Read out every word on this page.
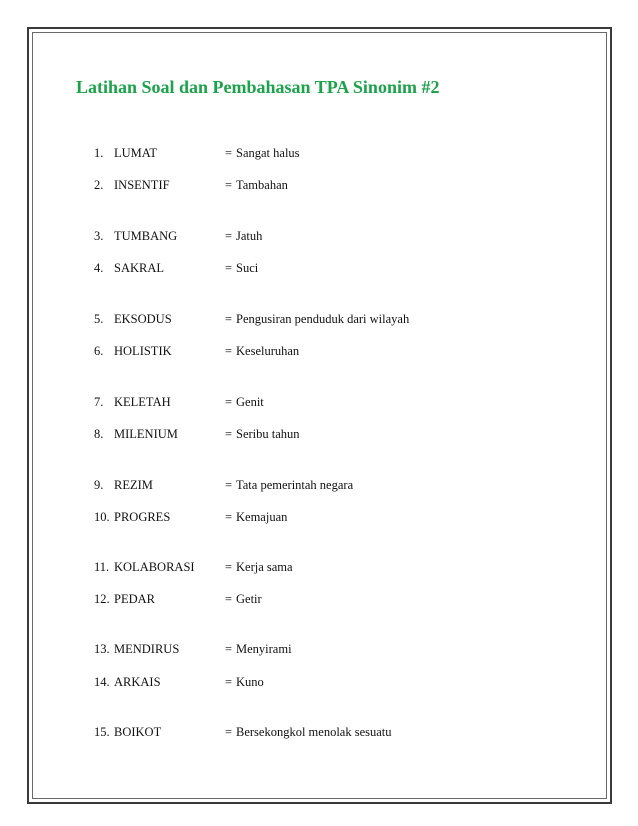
Latihan Soal dan Pembahasan TPA Sinonim #2
1. LUMAT	= Sangat halus
2. INSENTIF	= Tambahan
3. TUMBANG	= Jatuh
4. SAKRAL	= Suci
5. EKSODUS	= Pengusiran penduduk dari wilayah
6. HOLISTIK	= Keseluruhan
7. KELETAH	= Genit
8. MILENIUM	= Seribu tahun
9. REZIM	= Tata pemerintah negara
10. PROGRES	= Kemajuan
11. KOLABORASI = Kerja sama
12. PEDAR	= Getir
13. MENDIRUS	= Menyirami
14. ARKAIS	= Kuno
15. BOIKOT	= Bersekongkol menolak sesuatu
